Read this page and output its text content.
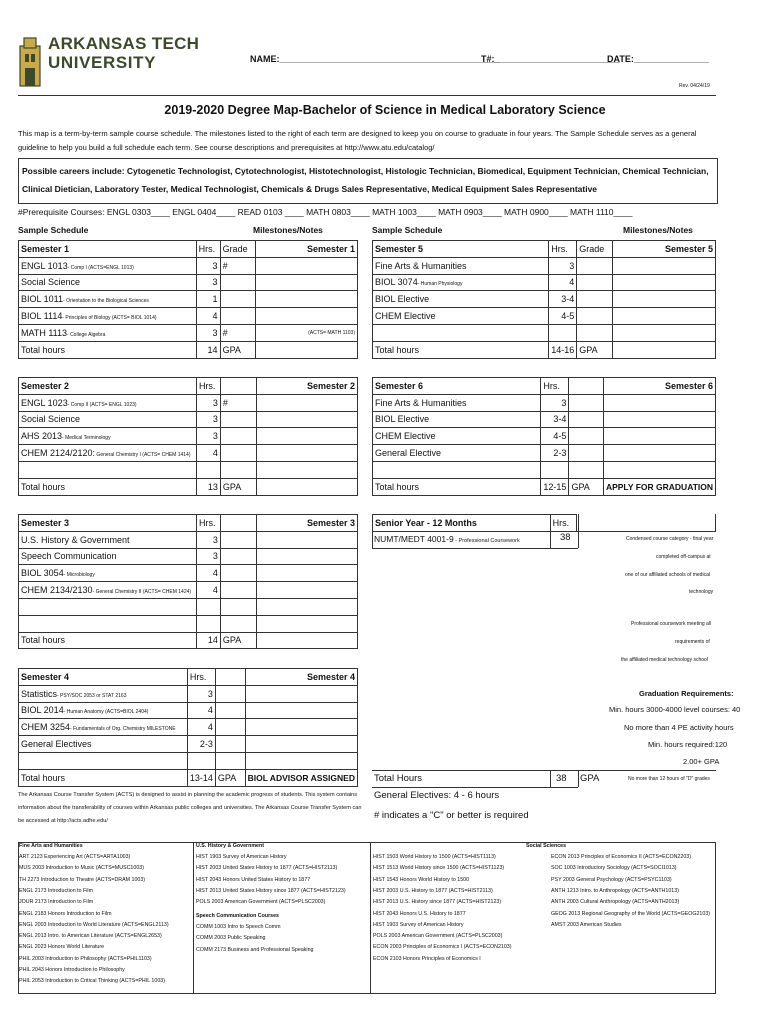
ARKANSAS TECH
UNIVERSITY	NAME:____________________________________________
T#:_________________________
DATE:_______________
Rev. 04/24/19
2019-2020 Degree Map-Bachelor of Science in Medical Laboratory Science
This map is a term-by-term sample course schedule. The milestones listed to the right of each term are designed to keep you on course to graduate in four years. The Sample Schedule serves as a general guideline to help you build a full schedule each term. See course descriptions and prerequisites at http://www.atu.edu/catalog/
Possible careers include: Cytogenetic Technologist, Cytotechnologist, Histotechnologist, Histologic Technician, Biomedical, Equipment Technician, Chemical Technician, Clinical Dietician, Laboratory Tester, Medical Technologist, Chemicals & Drugs Sales Representative, Medical Equipment Sales Representative
#Prerequisite Courses: ENGL 0303____ ENGL 0404____ READ 0103 ____ MATH 0803____ MATH 1003____ MATH 0903____ MATH 0900____ MATH 1110____
Sample Schedule	Milestones/Notes	Sample Schedule	Milestones/Notes
Semester 1	Hrs.	Grade	Semester 1
ENGL 1013- Comp I (ACTS=ENGL 1013)	3	#	
Social Science	3		
BIOL 1011- Orientation to the Biological Sciences	1		
BIOL 1114- Principles of Biology (ACTS= BIOL 1014)	4		
MATH 1113- College Algebra	3	#	(ACTS= MATH 1103)
Total hours	14	GPA	
Semester 2	Hrs.		Semester 2
ENGL 1023- Comp II (ACTS= ENGL 1023)	3	#	
Social Science	3		
AHS 2013- Medical Terminology	3		
CHEM 2124/2120: General Chemistry I (ACTS= CHEM 1414)	4		

Total hours	13	GPA	
Semester 3	Hrs.		Semester 3
U.S. History & Government	3		
Speech Communication	3		
BIOL 3054- Microbiology	4		
CHEM 2134/2130- General Chemistry II (ACTS= CHEM 1424)	4		

Total hours	14	GPA	
Semester 4	Hrs.		Semester 4
Statistics- PSY/SOC 2053 or STAT 2163	3		
BIOL 2014- Human Anatomy (ACTS=BIOL 2404)	4		
CHEM 3254- Fundamentals of Org. Chemistry MILESTONE	4		
General Electives	2-3		

Total hours	13-14	GPA	BIOL ADVISOR ASSIGNED
Semester 5	Hrs.	Grade	Semester 5
Fine Arts & Humanities	3		
BIOL 3074- Human Physiology	4		
BIOL Elective	3-4		
CHEM Elective	4-5		

Total hours	14-16	GPA	
Semester 6	Hrs.		Semester 6
Fine Arts & Humanities	3		
BIOL Elective	3-4		
CHEM Elective	4-5		
General Elective	2-3		

Total hours	12-15	GPA	APPLY FOR GRADUATION
Senior Year - 12 Months	Hrs.		
NUMT/MEDT 4001-9 - Professional Coursework	38	Condensed course category - final year
completed off-campus at
one of our affiliated schools of medical
technology
Professional coursework meeting all
requirements of
the affiliated medical technology school
Graduation Requirements:
Min. hours 3000-4000 level courses: 40
No more than 4 PE activity hours
Min. hours required:120
2.00+ GPA
Total Hours	38 GPA	No more than 12 hours of "D" grades
The Arkansas Course Transfer System (ACTS) is designed to assist in planning the academic progress of students. This system contains information about the transferability of courses within Arkansas public colleges and universities. The Arkansas Course Transfer System can be accessed at http://acts.adhe.edu/
General Electives: 4 - 6 hours
# indicates a "C" or better is required
Fine Arts and Humanities
ART 2123 Experiencing Art (ACTS=ARTA1003)
MUS 2003 Introduction to Music (ACTS=MUSC1003)
TH 2273 Introduction to Theatre (ACTS=DRAM 1003)
ENGL 2173 Introduction to Film
JOUR 2173 Introduction to Film
ENGL 2183 Honors Introduction to Film
ENGL 2003 Introduction to World Literature (ACTS=ENGL2113)
ENGL 2013 Intro. to American Literature (ACTS=ENGL2653)
ENGL 2023 Honors World Literature
PHIL 2003 Introduction to Philosophy (ACTS=PHIL1103)
PHIL 2043 Honors Introduction to Philosophy
PHIL 2053 Introduction to Critical Thinking (ACTS=PHIL 1003)
U.S. History & Government
HIST 1903 Survey of American History
HIST 2003 United States History to 1877 (ACTS=HIST2113)
HIST 2043 Honors United States History to 1877
HIST 2013 United States History since 1877 (ACTS=HIST2123)
POLS 2003 American Government (ACTS=PLSC2003)
Speech Communication Courses
COMM 1003 Intro to Speech Comm
COMM 2003 Public Speaking
COMM 2173 Business and Professional Speaking
Social Sciences
HIST 1503 World History to 1500 (ACTS=HIST1113)
HIST 1513 World History since 1500 (ACTS=HIST1123)
HIST 1543 Honors World History to 1500
HIST 2003 U.S. History to 1877 (ACTS=HIST2113)
HIST 2013 U.S. History since 1877 (ACTS=HIST2123)
HIST 2043 Honors U.S. History to 1877
HIST 1903 Survey of American History
POLS 2003 American Government (ACTS=PLSC2003)
ECON 2003 Principles of Economics I (ACTS=ECON2103)
ECON 2103 Honors Principles of Economics I
ECON 2013 Principles of Economics II (ACTS=ECON2203)
SOC 1003 Introductory Sociology (ACTS=SOCI1013)
PSY 2003 General Psychology (ACTS=PSYC1103)
ANTH 1213 Intro. to Anthropology (ACTS=ANTH1013)
ANTH 2003 Cultural Anthropology (ACTS=ANTH2013)
GEOG 2013 Regional Geography of the World (ACTS=GEOG2103)
AMST 2003 American Studies
